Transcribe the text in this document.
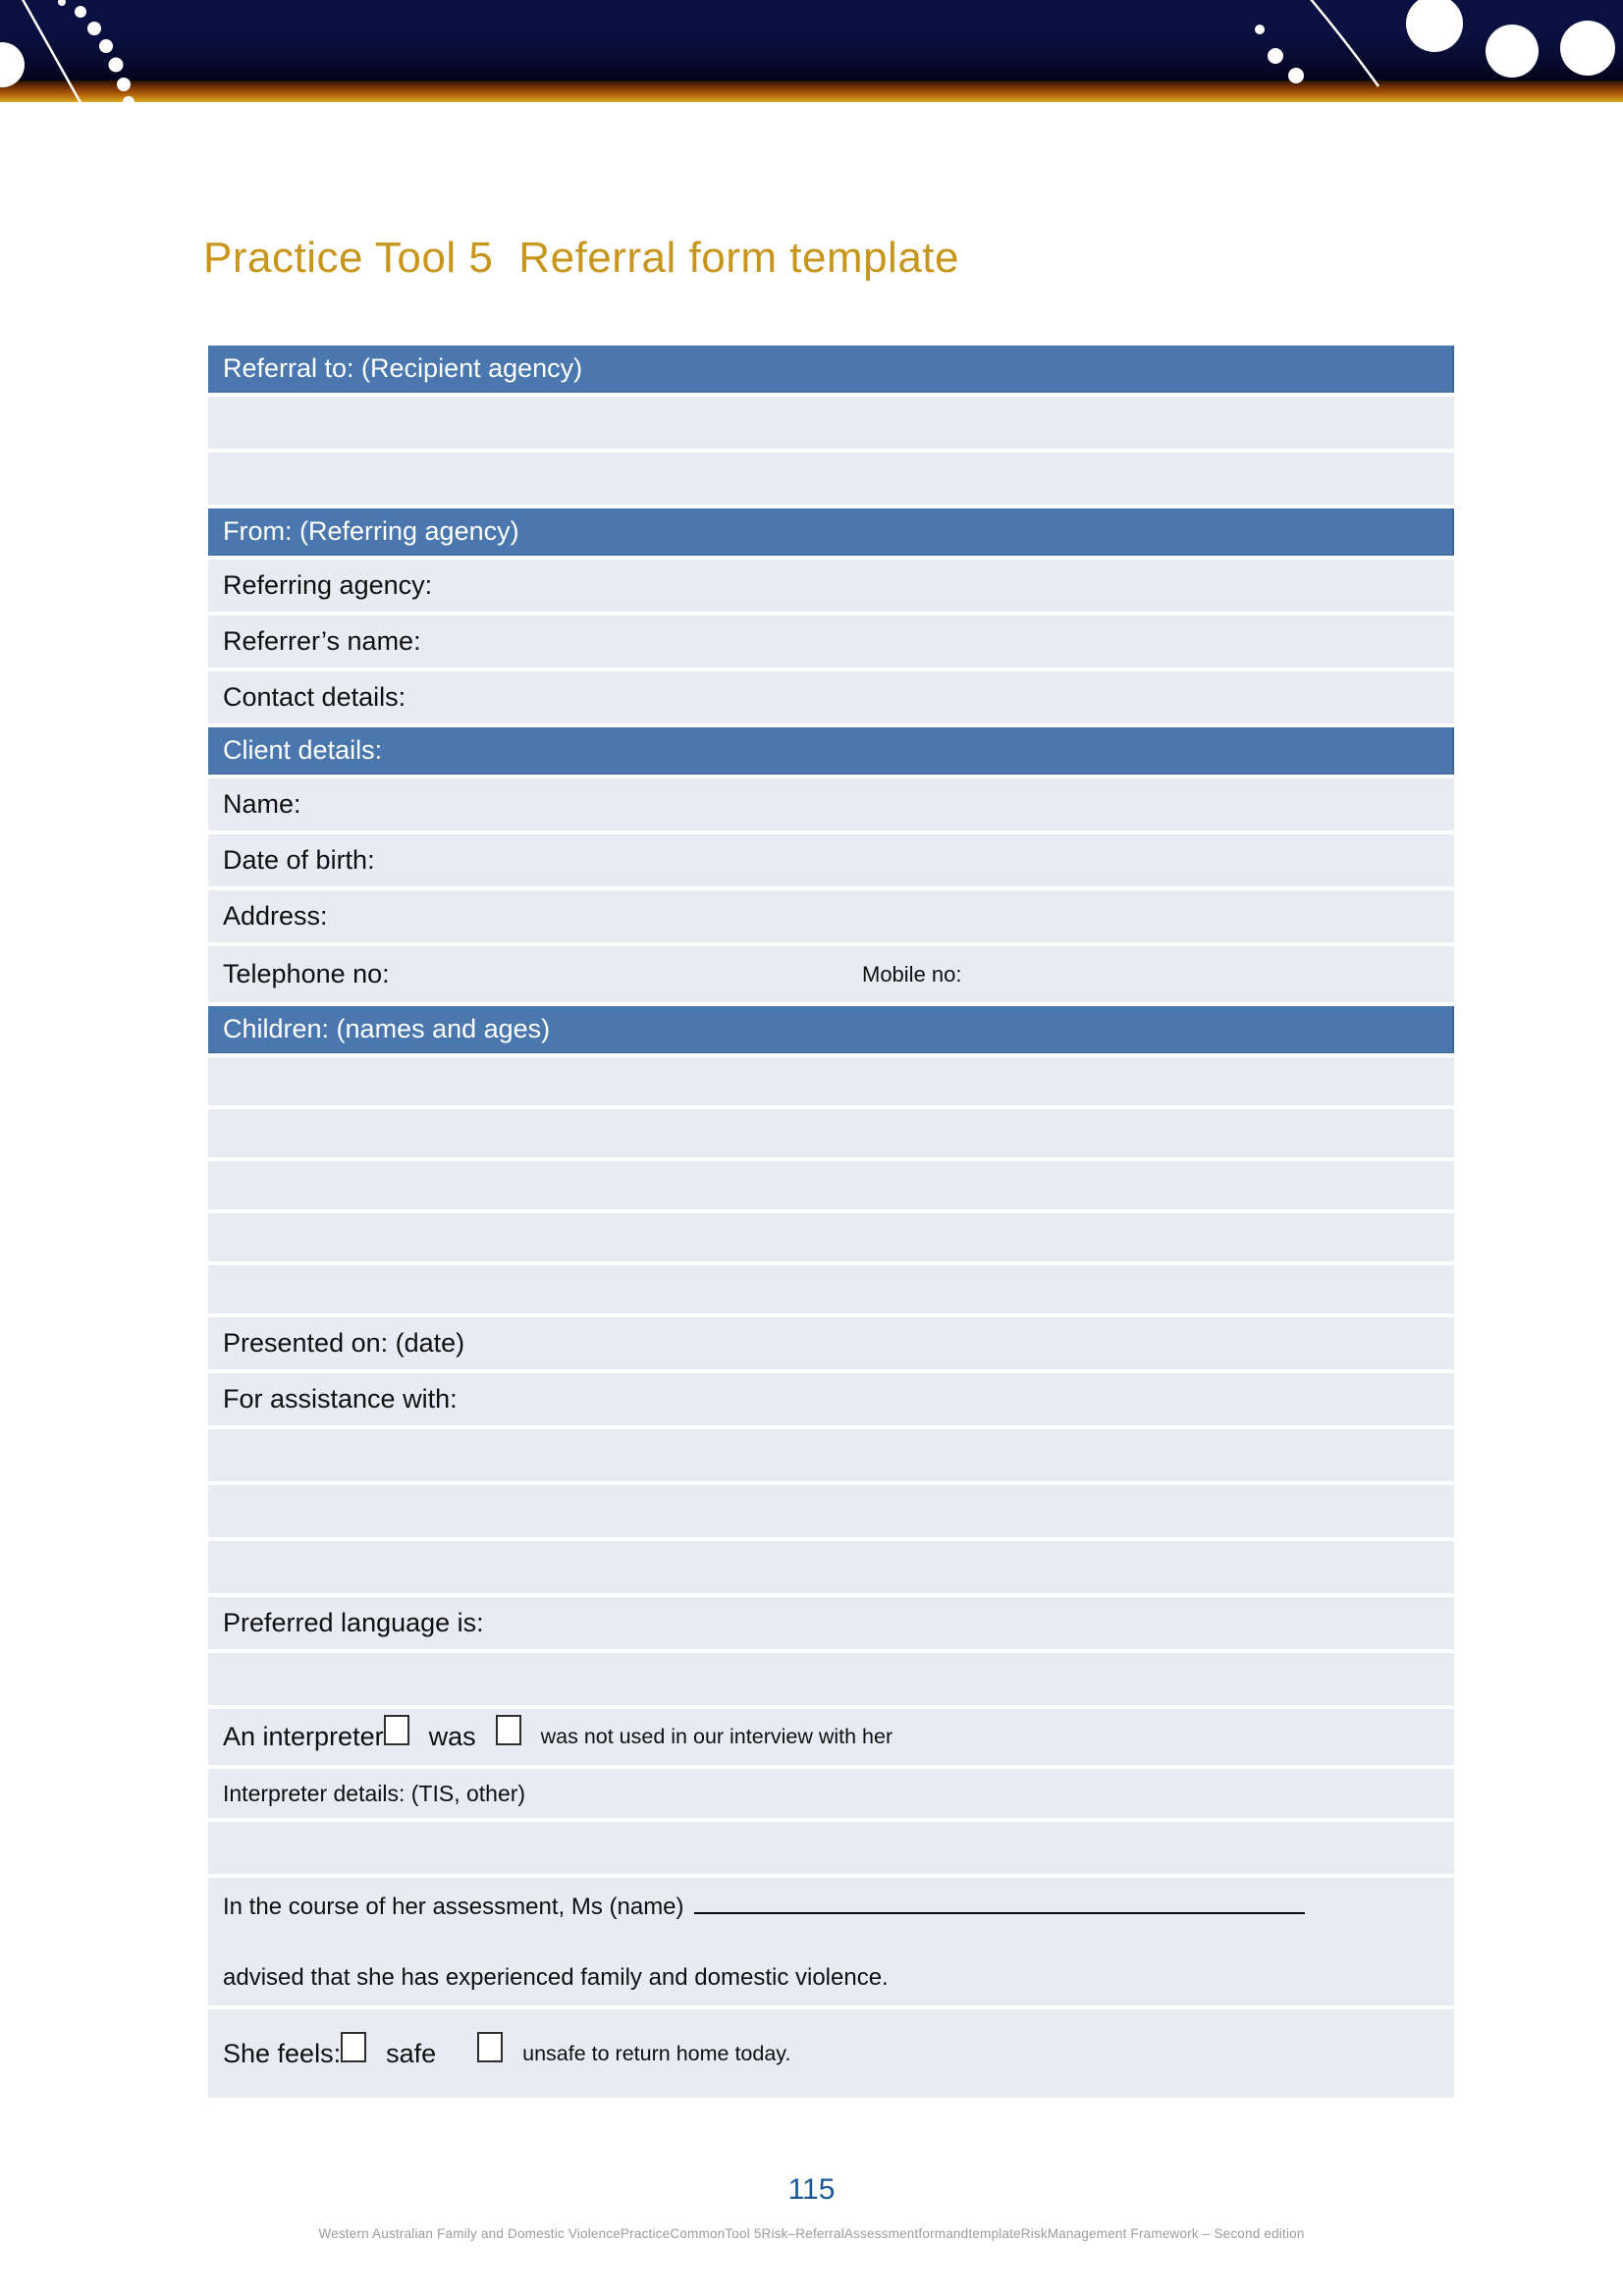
Practice Tool 5 Referral form template
Referral to: (Recipient agency)
From: (Referring agency)
Referring agency:
Referrer’s name:
Contact details:
Client details:
Name:
Date of birth:
Address:
Telephone no:	Mobile no:
Children: (names and ages)
Presented on: (date)
For assistance with:
Preferred language is:
An interpreter was	was not used in our interview with her
Interpreter details: (TIS, other)
In the course of her assessment, Ms (name)
advised that she has experienced family and domestic violence.
She feels: safe	unsafe to return home today.
115
Western Australian Family and Domestic ViolencePracticeCommonTool 5Risk–ReferralAssessmentformandtemplateRiskManagement Framework – Second edition
